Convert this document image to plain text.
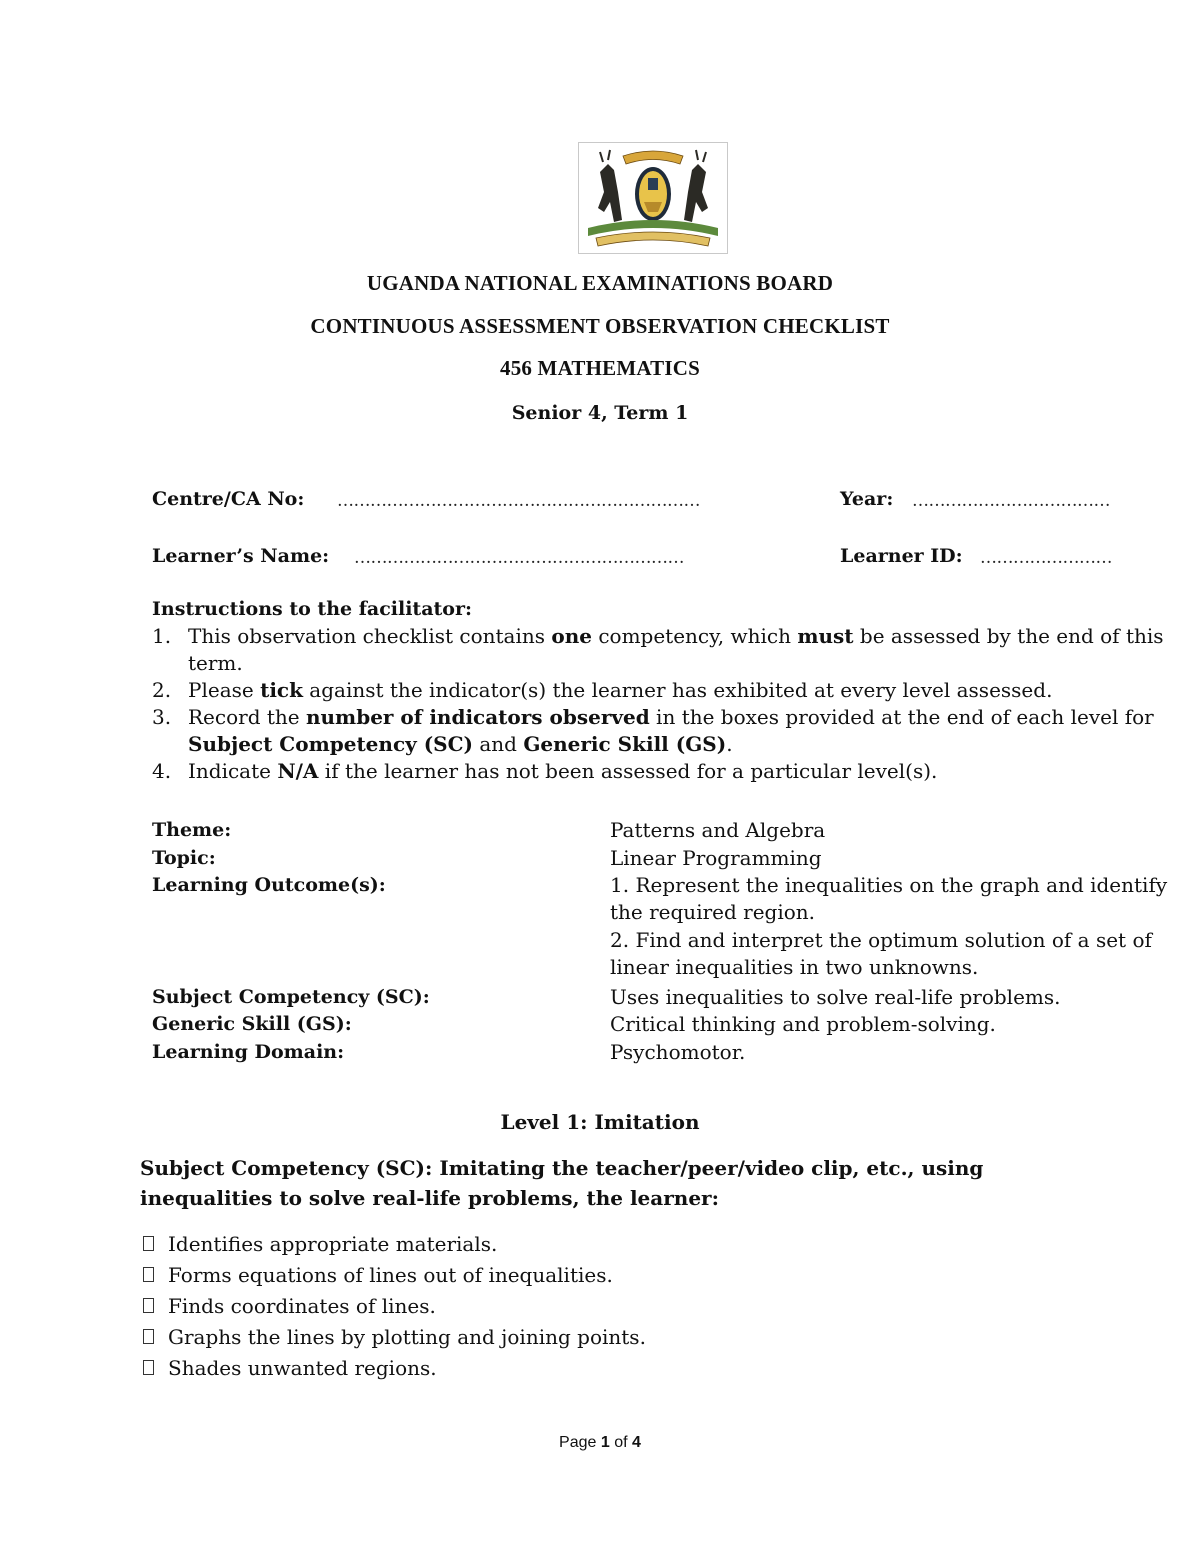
UGANDA NATIONAL EXAMINATIONS BOARD
CONTINUOUS ASSESSMENT OBSERVATION CHECKLIST
456 MATHEMATICS
Senior 4, Term 1
Centre/CA No: …………………………………………………………	Year: ………………………………
Learner’s Name: ……………………………………………………	Learner ID: ……………………
Instructions to the facilitator:
1. This observation checklist contains one competency, which must be assessed by the end of this term.
2. Please tick against the indicator(s) the learner has exhibited at every level assessed.
3. Record the number of indicators observed in the boxes provided at the end of each level for Subject Competency (SC) and Generic Skill (GS).
4. Indicate N/A if the learner has not been assessed for a particular level(s).
Theme:	Patterns and Algebra
Topic:	Linear Programming
Learning Outcome(s):	1. Represent the inequalities on the graph and identify the required region.
2. Find and interpret the optimum solution of a set of linear inequalities in two unknowns.
Subject Competency (SC):	Uses inequalities to solve real-life problems.
Generic Skill (GS):	Critical thinking and problem-solving.
Learning Domain:	Psychomotor.
Level 1: Imitation
Subject Competency (SC): Imitating the teacher/peer/video clip, etc., using inequalities to solve real-life problems, the learner:
Identifies appropriate materials.
Forms equations of lines out of inequalities.
Finds coordinates of lines.
Graphs the lines by plotting and joining points.
Shades unwanted regions.
Page 1 of 4
